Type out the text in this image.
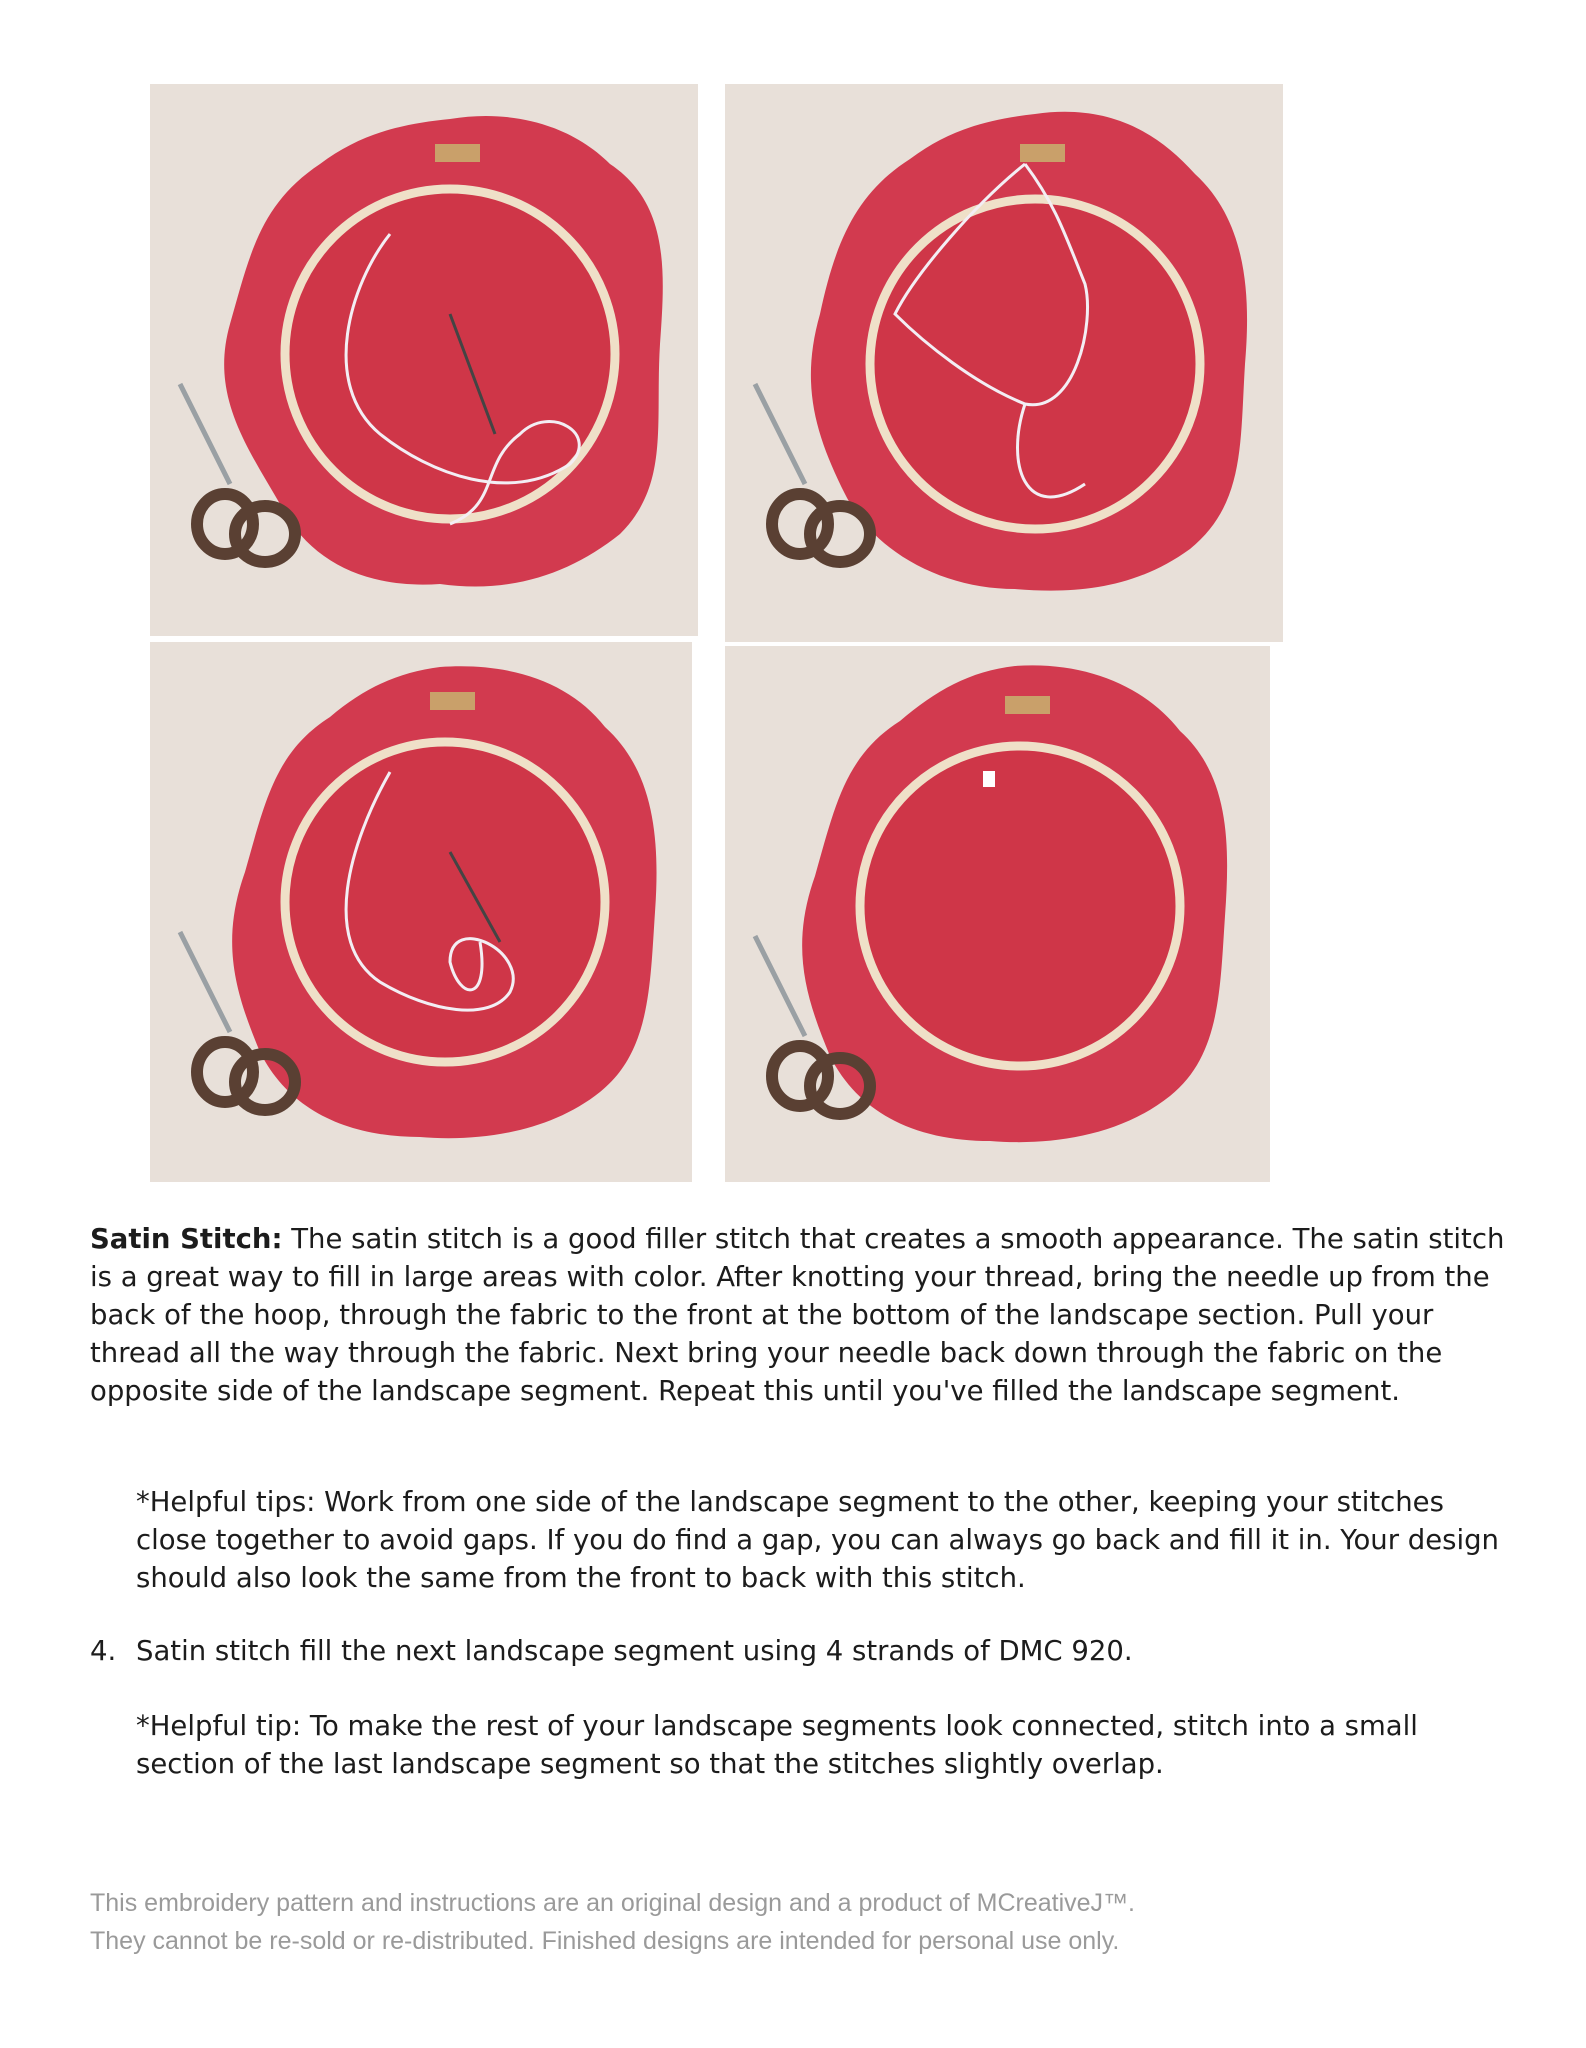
Satin Stitch: The satin stitch is a good filler stitch that creates a smooth appearance. The satin stitch is a great way to fill in large areas with color. After knotting your thread, bring the needle up from the back of the hoop, through the fabric to the front at the bottom of the landscape section. Pull your thread all the way through the fabric. Next bring your needle back down through the fabric on the opposite side of the landscape segment. Repeat this until you've filled the landscape segment.
*Helpful tips: Work from one side of the landscape segment to the other, keeping your stitches close together to avoid gaps. If you do find a gap, you can always go back and fill it in. Your design should also look the same from the front to back with this stitch.
4. Satin stitch fill the next landscape segment using 4 strands of DMC 920.
*Helpful tip: To make the rest of your landscape segments look connected, stitch into a small section of the last landscape segment so that the stitches slightly overlap.
This embroidery pattern and instructions are an original design and a product of MCreativeJ™.
They cannot be re-sold or re-distributed. Finished designs are intended for personal use only.
